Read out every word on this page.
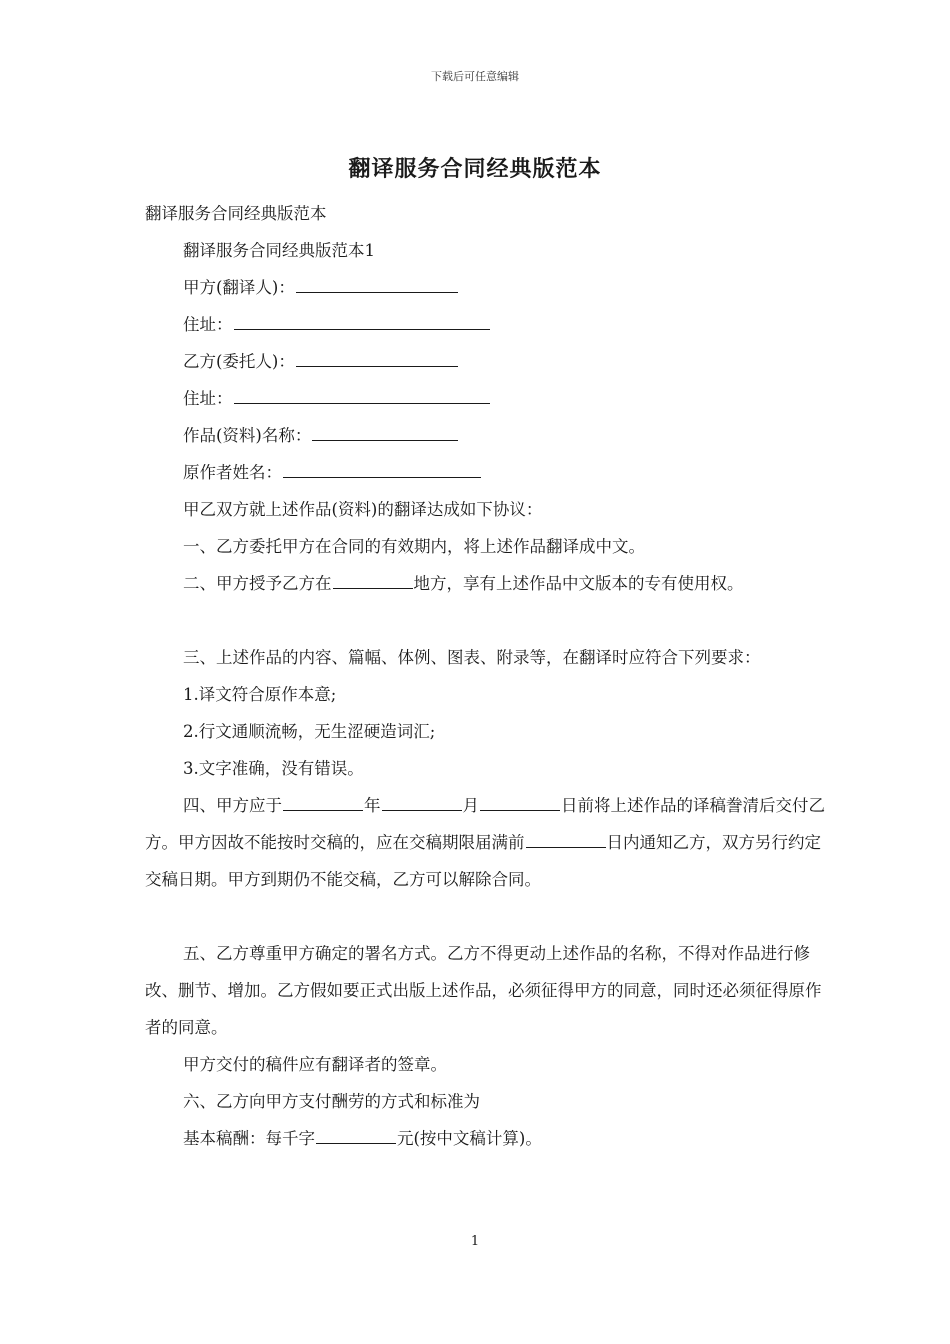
下载后可任意编辑
翻译服务合同经典版范本

翻译服务合同经典版范本

翻译服务合同经典版范本1

甲方(翻译人)：

住址：

乙方(委托人)：

住址：

作品(资料)名称：

原作者姓名：

甲乙双方就上述作品(资料)的翻译达成如下协议：

一、乙方委托甲方在合同的有效期内，将上述作品翻译成中文。

二、甲方授予乙方在	地方，享有上述作品中文版本的专有使用权。

三、上述作品的内容、篇幅、体例、图表、附录等，在翻译时应符合下列要求：

1.译文符合原作本意;

2.行文通顺流畅，无生涩硬造词汇;

3.文字准确，没有错误。

四、甲方应于	年	月	日前将上述作品的译稿誊清后交付乙方。甲方因故不能按时交稿的，应在交稿期限届满前	日内通知乙方，双方另行约定交稿日期。甲方到期仍不能交稿，乙方可以解除合同。

五、乙方尊重甲方确定的署名方式。乙方不得更动上述作品的名称，不得对作品进行修改、删节、增加。乙方假如要正式出版上述作品，必须征得甲方的同意，同时还必须征得原作者的同意。

甲方交付的稿件应有翻译者的签章。

六、乙方向甲方支付酬劳的方式和标准为

基本稿酬：每千字	元(按中文稿计算)。

1
